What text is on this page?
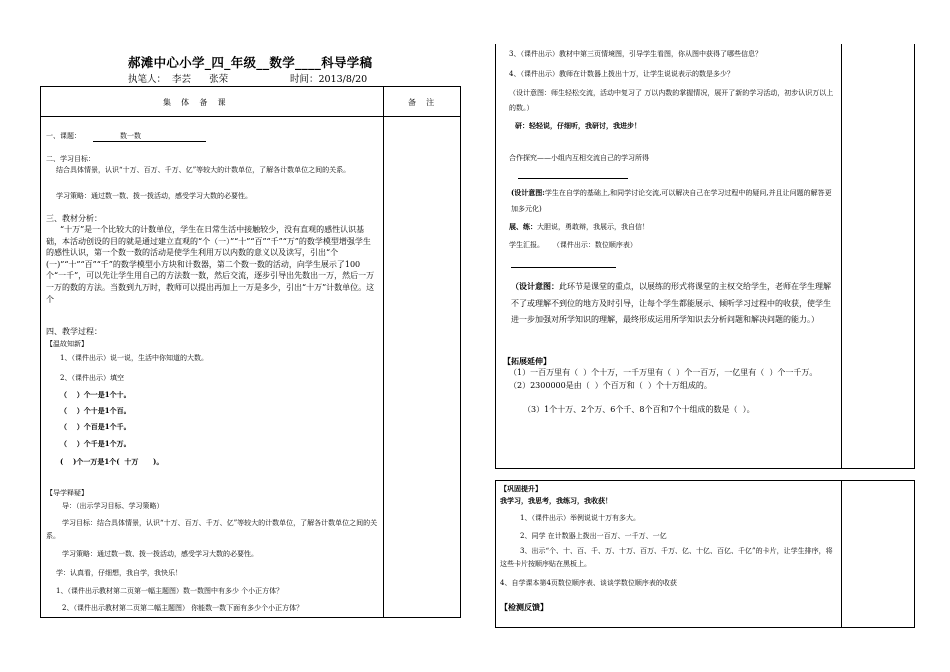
郝滩中心小学_四_年级__数学____科导学稿
执笔人：  李芸      张荣	时间：2013/8/20
集    体    备    课	备    注
一、课题：	数一数
二、学习目标：
结合具体情景，认识“十万、百万、千万、亿”等较大的计数单位，了解各计数单位之间的关系。
学习策略：通过数一数、拨一拨活动，感受学习大数的必要性。
三、教材分析：
“十万”是一个比较大的计数单位，学生在日常生活中接触较少，没有直观的感性认识基础，本活动创设的目的就是通过建立直观的“个（一）”“十”“百”“千”“万”的数学模型增强学生的感性认识，第一个数一数的活动是使学生利用万以内数的意义以及读写，引出“个(一)”“十”“百”“千”的数学模型小方块和计数器，第二个数一数的活动，向学生展示了100个“一千”，可以先让学生用自己的方法数一数，然后交流，逐步引导出先数出一万，然后一万一万的数的方法。当数到九万时，教师可以提出再加上一万是多少，引出“十万”计数单位。这个
四、教学过程：
【温故知新】
1、（课件出示）说一说，生活中你知道的大数。
2、（课件出示）填空
（    ）个一是1个十。
（    ）个十是1个百。
（    ）个百是1个千。
（    ）个千是1个万。
(    )个一万是1个(  十万      )。
【导学释疑】
导：（出示学习目标、学习策略）
学习目标：结合具体情景，认识“十万、百万、千万、亿”等较大的计数单位，了解各计数单位之间的关系。
学习策略：通过数一数、拨一拨活动，感受学习大数的必要性。
学：认真看，仔细想，我自学，我快乐！
1、（课件出示教材第二页第一幅主题图）数一数图中有多少 个小正方体？
2、（课件出示教材第二页第二幅主题图） 你能数一数下面有多少个小正方体？
3、（课件出示）教材中第三页情境图，引导学生看图，你从图中获得了哪些信息？
4、（课件出示）教师在计数器上拨出十万，让学生说说表示的数是多少？
（设计意图：师生轻松交流，活动中复习了 万以内数的掌握情况，展开了新的学习活动，初步认识万以上的数。）
研：轻轻说，仔细听，我研讨，我进步！
合作探究——小组内互相交流自己的学习所得
(设计意图:学生在自学的基础上,和同学讨论交流,可以解决自己在学习过程中的疑问,并且让问题的解答更加多元化)
展、练：大胆说，勇敢辩，我展示，我自信！
学生汇报。    （课件出示：数位顺序表）
（设计意图：此环节是课堂的重点，以展练的形式将课堂的主权交给学生，老师在学生理解不了或理解不到位的地方及时引导，让每个学生都能展示、倾听学习过程中的收获，使学生进一步加强对所学知识的理解，最终形成运用所学知识去分析问题和解决问题的能力。）
【拓展延伸】
（1）一百万里有（  ）个十万，一千万里有（  ）个一百万，一亿里有（  ）个一千万。
（2）2300000是由（  ）个百万和（  ）个十万组成的。
（3）1个十万、2个万、6个千、8个百和7个十组成的数是（  ）。
【巩固提升】
我学习，我思考，我练习，我收获！
1、（课件出示）举例说说十万有多大。
2、同学 在计数器上拨出一百万、一千万、一亿
3、出示“个、十、百、千、万、十万、百万、千万、亿、十亿、百亿、千亿”的卡片，让学生排序，将这些卡片按顺序贴在黑板上。
4、自学课本第4页数位顺序表、谈谈学数位顺序表的收获
【检测反馈】
